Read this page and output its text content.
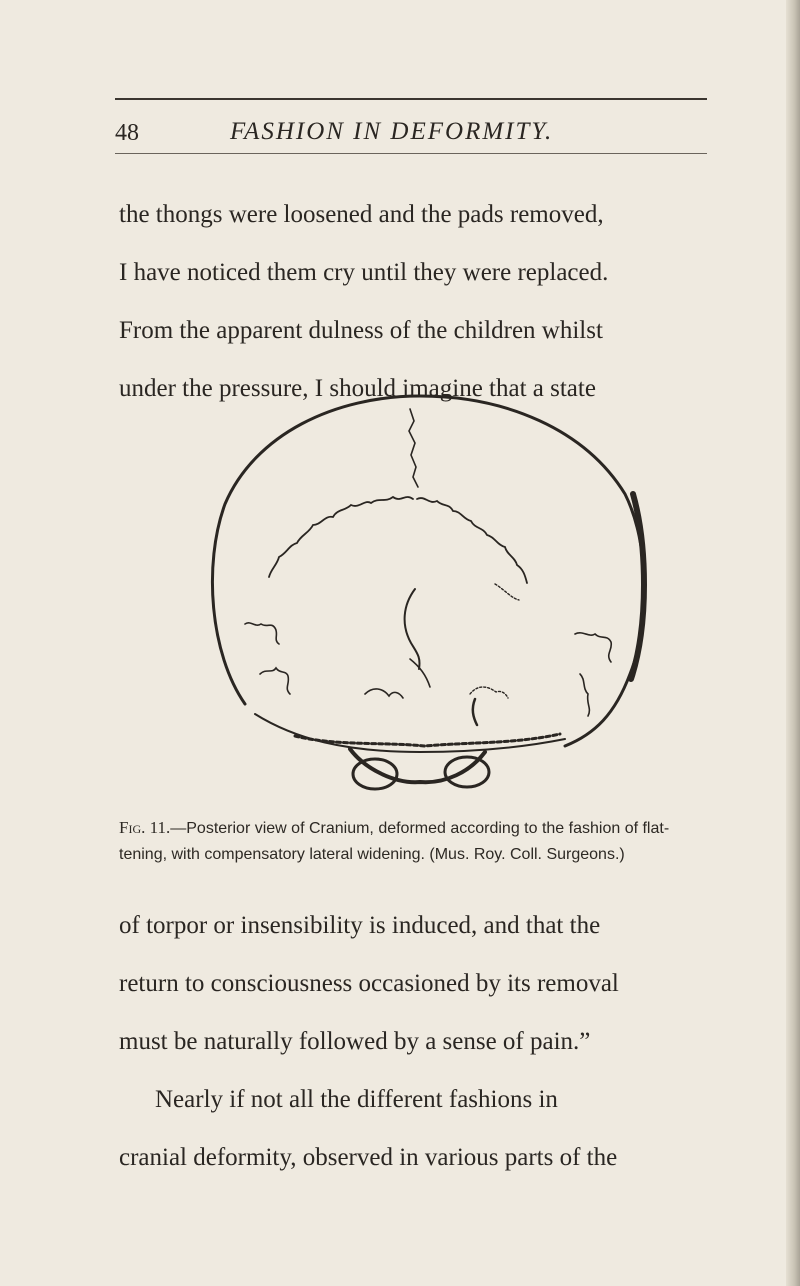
48	FASHION IN DEFORMITY.
the thongs were loosened and the pads removed,
I have noticed them cry until they were replaced.
From the apparent dulness of the children whilst
under the pressure, I should imagine that a state
Fig. 11.—Posterior view of Cranium, deformed according to the fashion of flat-
tening, with compensatory lateral widening. (Mus. Roy. Coll. Surgeons.)
of torpor or insensibility is induced, and that the
return to consciousness occasioned by its removal
must be naturally followed by a sense of pain.”
Nearly if not all the different fashions in
cranial deformity, observed in various parts of the
